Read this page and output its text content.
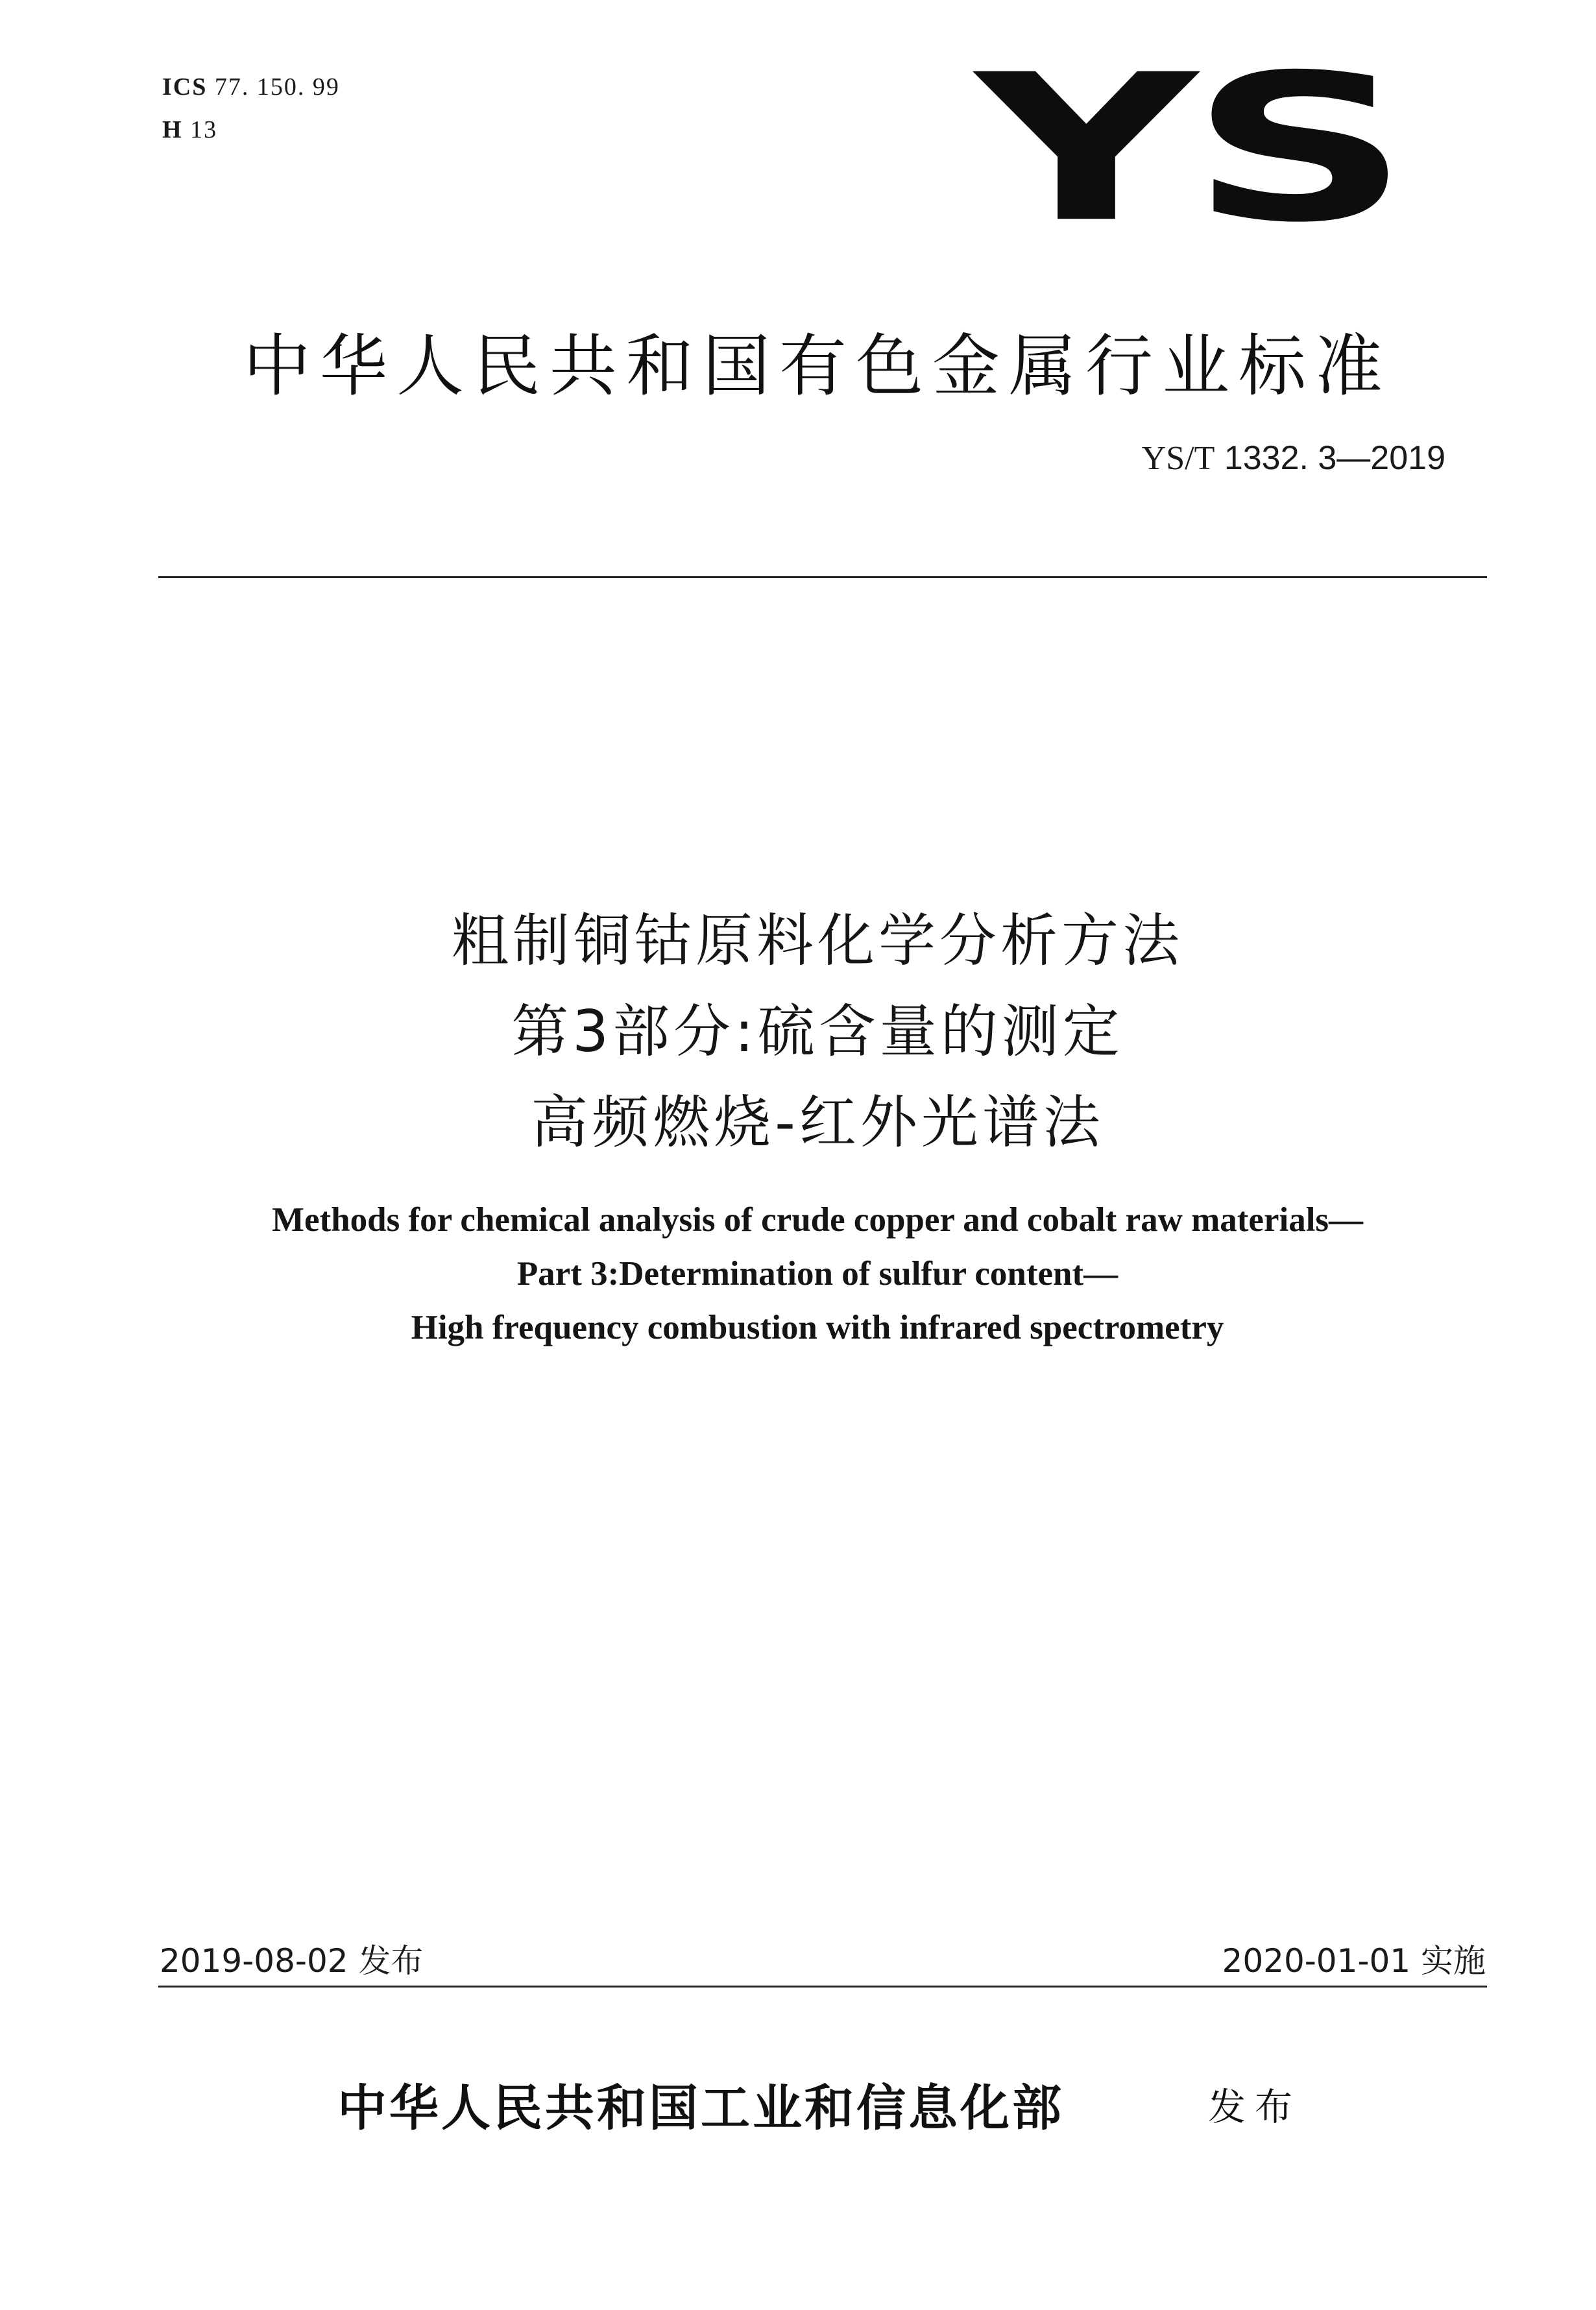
ICS 77. 150. 99
H 13	YS
中华人民共和国有色金属行业标准
YS/T 1332. 3—2019
粗制铜钴原料化学分析方法
第3部分:硫含量的测定
高频燃烧-红外光谱法
Methods for chemical analysis of crude copper and cobalt raw materials—
Part 3:Determination of sulfur content—
High frequency combustion with infrared spectrometry
2019-08-02 发布	2020-01-01 实施
中华人民共和国工业和信息化部	发布
